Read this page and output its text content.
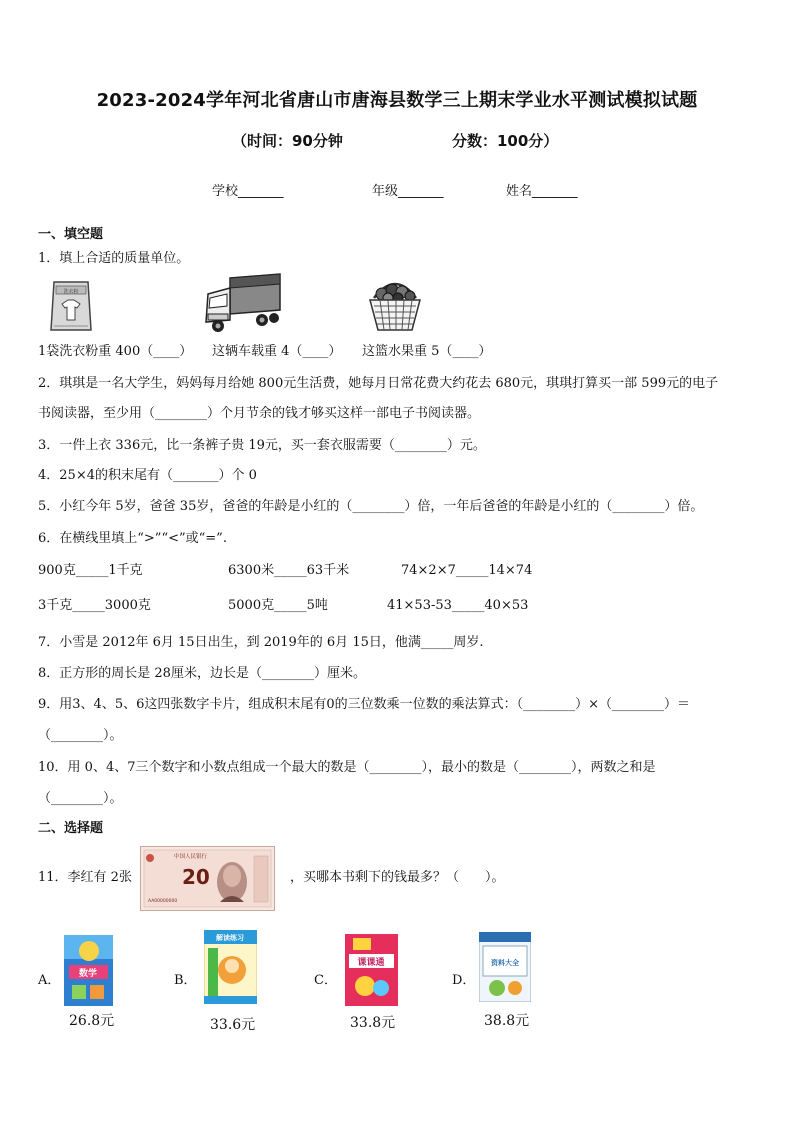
2023-2024学年河北省唐山市唐海县数学三上期末学业水平测试模拟试题
（时间：90分钟	分数：100分）
学校_______	年级_______	姓名_______
一、填空题
1．填上合适的质量单位。
洗衣粉
1袋洗衣粉重 400（____） 这辆车载重 4（____） 这篮水果重 5（____）
2．琪琪是一名大学生，妈妈每月给她 800元生活费，她每月日常花费大约花去 680元，琪琪打算买一部 599元的电子
书阅读器，至少用（________）个月节余的钱才够买这样一部电子书阅读器。
3．一件上衣 336元，比一条裤子贵 19元，买一套衣服需要（________）元。
4．25×4的积末尾有（_______）个 0
5．小红今年 5岁，爸爸 35岁，爸爸的年龄是小红的（________）倍，一年后爸爸的年龄是小红的（________）倍。
6．在横线里填上“>”“<”或“=”.
900克_____1千克	6300米_____63千米	74×2×7_____14×74
3千克_____3000克	5000克_____5吨	41×53-53_____40×53
7．小雪是 2012年 6月 15日出生，到 2019年的 6月 15日，他满_____周岁.
8．正方形的周长是 28厘米，边长是（________）厘米。
9．用3、4、5、6这四张数字卡片，组成积末尾有0的三位数乘一位数的乘法算式：（________）×（________）＝
（________）。
10．用 0、4、7三个数字和小数点组成一个最大的数是（________），最小的数是（________），两数之和是
（________）。
二、选择题
11．李红有 2张
中国人民银行
20
AA00000000
，买哪本书剩下的钱最多？（　　）。
A． 数学
26.8元
B．
解读练习
33.6元
C．
课课通
33.8元
D．
资料大全
38.8元
